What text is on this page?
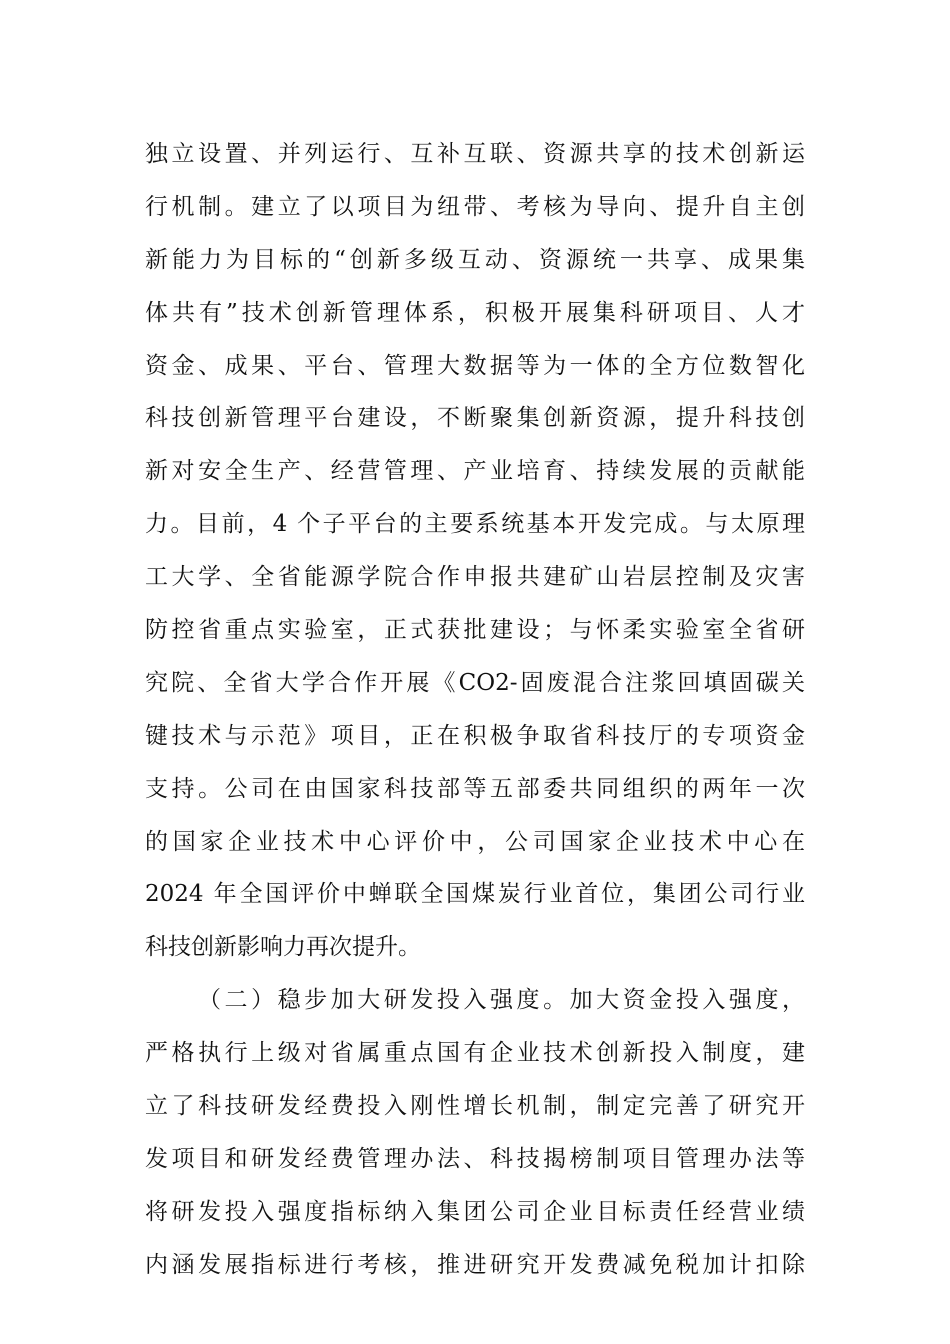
独立设置、并列运行、互补互联、资源共享的技术创新运
行机制。建立了以项目为纽带、考核为导向、提升自主创
新能力为目标的“创新多级互动、资源统一共享、成果集
体共有”技术创新管理体系，积极开展集科研项目、人才
资金、成果、平台、管理大数据等为一体的全方位数智化
科技创新管理平台建设，不断聚集创新资源，提升科技创
新对安全生产、经营管理、产业培育、持续发展的贡献能
力。目前，4 个子平台的主要系统基本开发完成。与太原理
工大学、全省能源学院合作申报共建矿山岩层控制及灾害
防控省重点实验室，正式获批建设；与怀柔实验室全省研
究院、全省大学合作开展《CO2-固废混合注浆回填固碳关
键技术与示范》项目，正在积极争取省科技厅的专项资金
支持。公司在由国家科技部等五部委共同组织的两年一次
的国家企业技术中心评价中，公司国家企业技术中心在
2024 年全国评价中蝉联全国煤炭行业首位，集团公司行业
科技创新影响力再次提升。
（二）稳步加大研发投入强度。加大资金投入强度，
严格执行上级对省属重点国有企业技术创新投入制度，建
立了科技研发经费投入刚性增长机制，制定完善了研究开
发项目和研发经费管理办法、科技揭榜制项目管理办法等
将研发投入强度指标纳入集团公司企业目标责任经营业绩
内涵发展指标进行考核，推进研究开发费减免税加计扣除
